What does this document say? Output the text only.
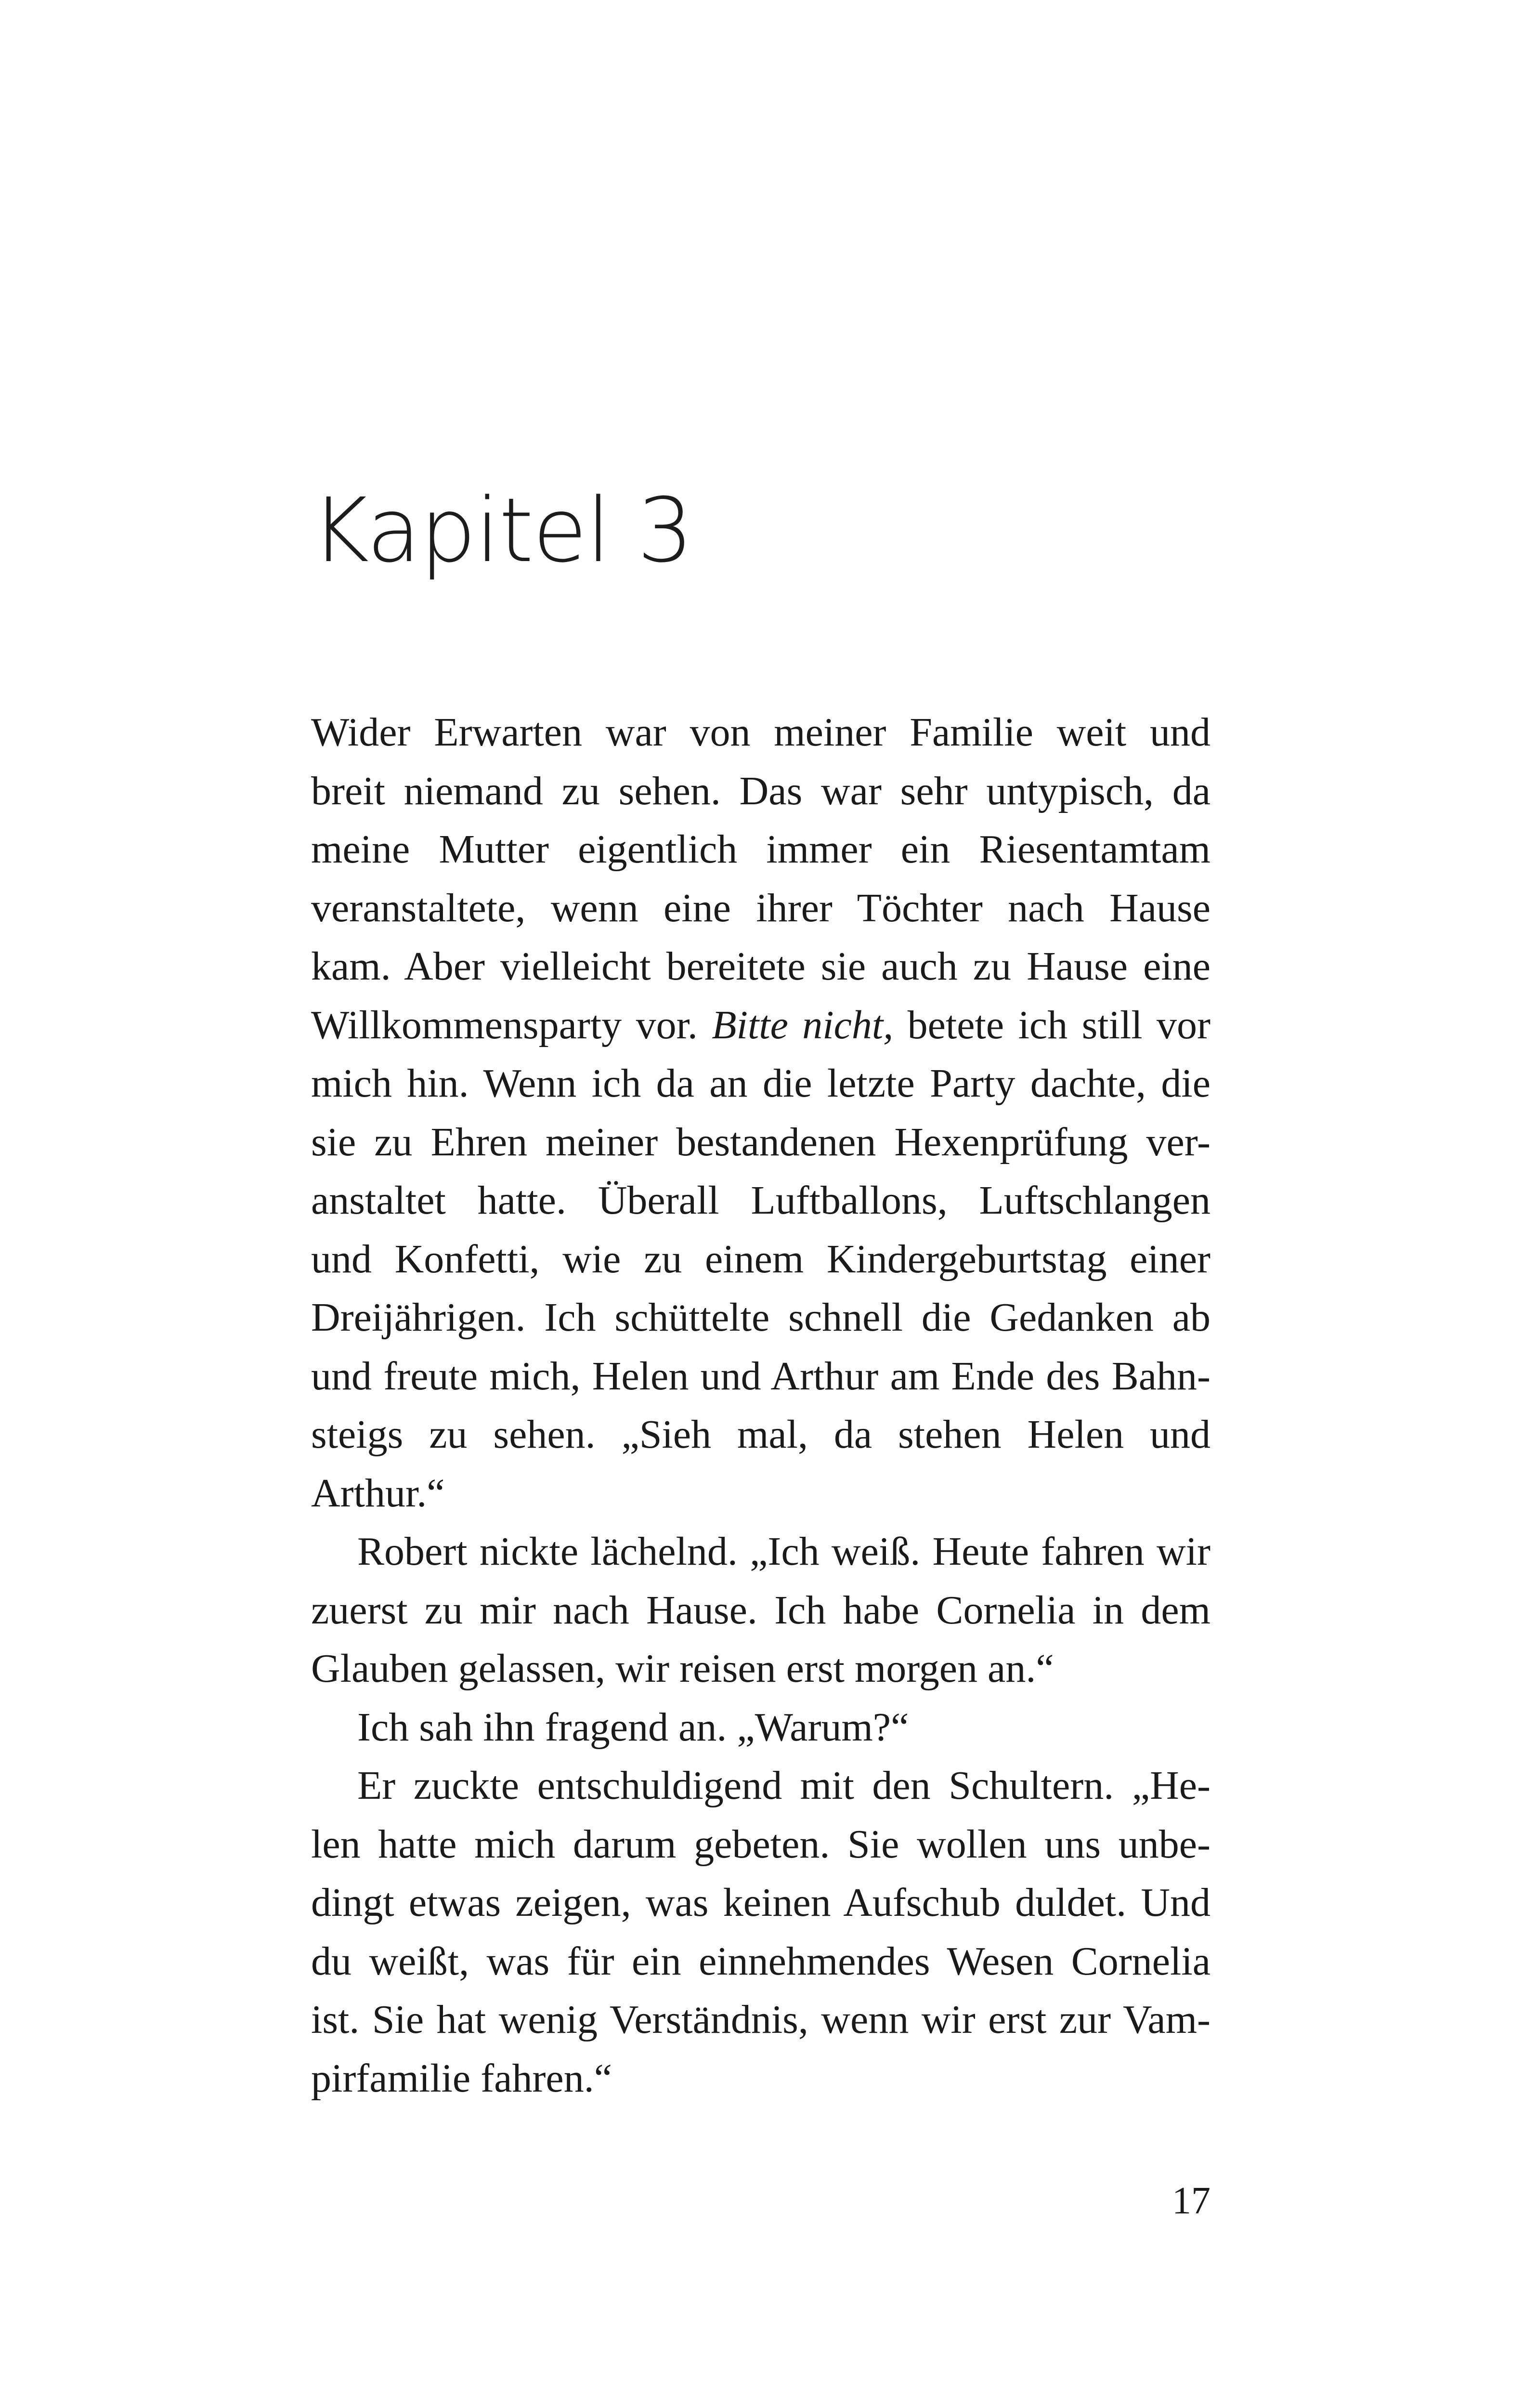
Kapitel 3

Wider Erwarten war von meiner Familie weit und
breit niemand zu sehen. Das war sehr untypisch, da
meine Mutter eigentlich immer ein Riesentamtam
veranstaltete, wenn eine ihrer Töchter nach Hause
kam. Aber vielleicht bereitete sie auch zu Hause eine
Willkommensparty vor. Bitte nicht, betete ich still vor
mich hin. Wenn ich da an die letzte Party dachte, die
sie zu Ehren meiner bestandenen Hexenprüfung ver-
anstaltet hatte. Überall Luftballons, Luftschlangen
und Konfetti, wie zu einem Kindergeburtstag einer
Dreijährigen. Ich schüttelte schnell die Gedanken ab
und freute mich, Helen und Arthur am Ende des Bahn-
steigs zu sehen. „Sieh mal, da stehen Helen und
Arthur.“

Robert nickte lächelnd. „Ich weiß. Heute fahren wir
zuerst zu mir nach Hause. Ich habe Cornelia in dem
Glauben gelassen, wir reisen erst morgen an.“

Ich sah ihn fragend an. „Warum?“

Er zuckte entschuldigend mit den Schultern. „He-
len hatte mich darum gebeten. Sie wollen uns unbe-
dingt etwas zeigen, was keinen Aufschub duldet. Und
du weißt, was für ein einnehmendes Wesen Cornelia
ist. Sie hat wenig Verständnis, wenn wir erst zur Vam-
pirfamilie fahren.“

17
